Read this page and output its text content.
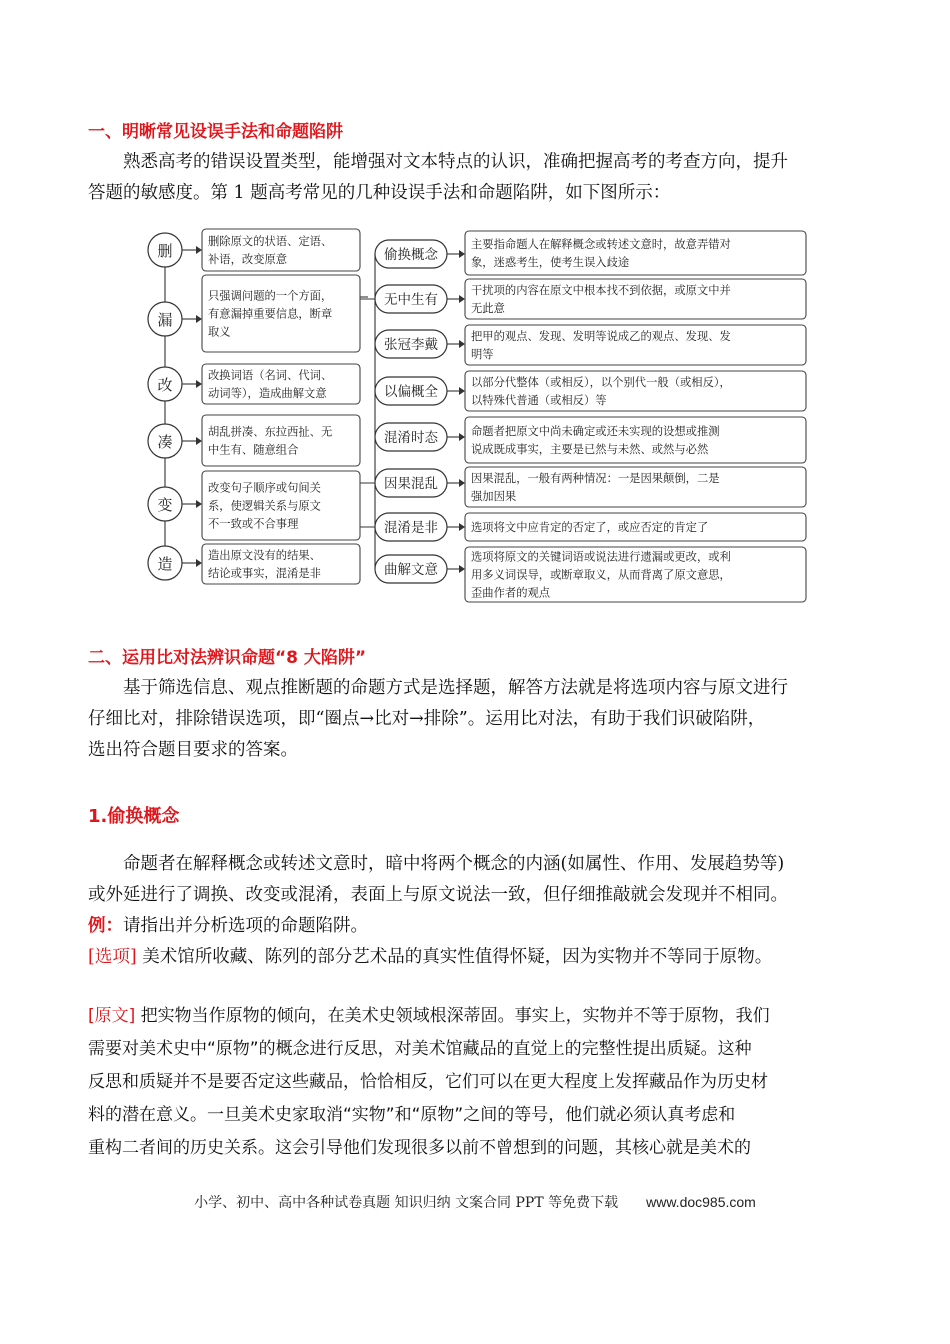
一、明晰常见设误手法和命题陷阱
熟悉高考的错误设置类型，能增强对文本特点的认识，准确把握高考的考查方向，提升
答题的敏感度。第 1 题高考常见的几种设误手法和命题陷阱，如下图所示：
删
删除原文的状语、定语、
补语，改变原意
漏
只强调问题的一个方面，
有意漏掉重要信息，断章
取义
改
改换词语（名词、代词、
动词等），造成曲解文意
凑
胡乱拼凑、东拉西扯、无
中生有、随意组合
变
改变句子顺序或句间关
系，使逻辑关系与原文
不一致或不合事理
造	造出原文没有的结果、
结论或事实，混淆是非
偷换概念
主要指命题人在解释概念或转述文意时，故意弄错对
象，迷惑考生，使考生误入歧途
无中生有
干扰项的内容在原文中根本找不到依据，或原文中并
无此意
张冠李戴
把甲的观点、发现、发明等说成乙的观点、发现、发
明等
以偏概全
以部分代整体（或相反），以个别代一般（或相反），
以特殊代普通（或相反）等
混淆时态	命题者把原文中尚未确定或还未实现的设想或推测
说成既成事实，主要是已然与未然、或然与必然
因果混乱	因果混乱，一般有两种情况：一是因果颠倒，二是
强加因果
混淆是非	选项将文中应肯定的否定了，或应否定的肯定了
曲解文意
选项将原文的关键词语或说法进行遗漏或更改，或利
用多义词误导，或断章取义，从而背离了原文意思，
歪曲作者的观点
二、运用比对法辨识命题“8 大陷阱”
基于筛选信息、观点推断题的命题方式是选择题，解答方法就是将选项内容与原文进行
仔细比对，排除错误选项，即“圈点→比对→排除”。运用比对法，有助于我们识破陷阱，
选出符合题目要求的答案。
1.偷换概念
命题者在解释概念或转述文意时，暗中将两个概念的内涵(如属性、作用、发展趋势等)
或外延进行了调换、改变或混淆，表面上与原文说法一致，但仔细推敲就会发现并不相同。
例：请指出并分析选项的命题陷阱。
[选项] 美术馆所收藏、陈列的部分艺术品的真实性值得怀疑，因为实物并不等同于原物。
[原文] 把实物当作原物的倾向，在美术史领域根深蒂固。事实上，实物并不等于原物，我们
需要对美术史中“原物”的概念进行反思，对美术馆藏品的直觉上的完整性提出质疑。这种
反思和质疑并不是要否定这些藏品，恰恰相反，它们可以在更大程度上发挥藏品作为历史材
料的潜在意义。一旦美术史家取消“实物”和“原物”之间的等号，他们就必须认真考虑和
重构二者间的历史关系。这会引导他们发现很多以前不曾想到的问题，其核心就是美术的
小学、初中、高中各种试卷真题 知识归纳 文案合同 PPT 等免费下载 www.doc985.com
